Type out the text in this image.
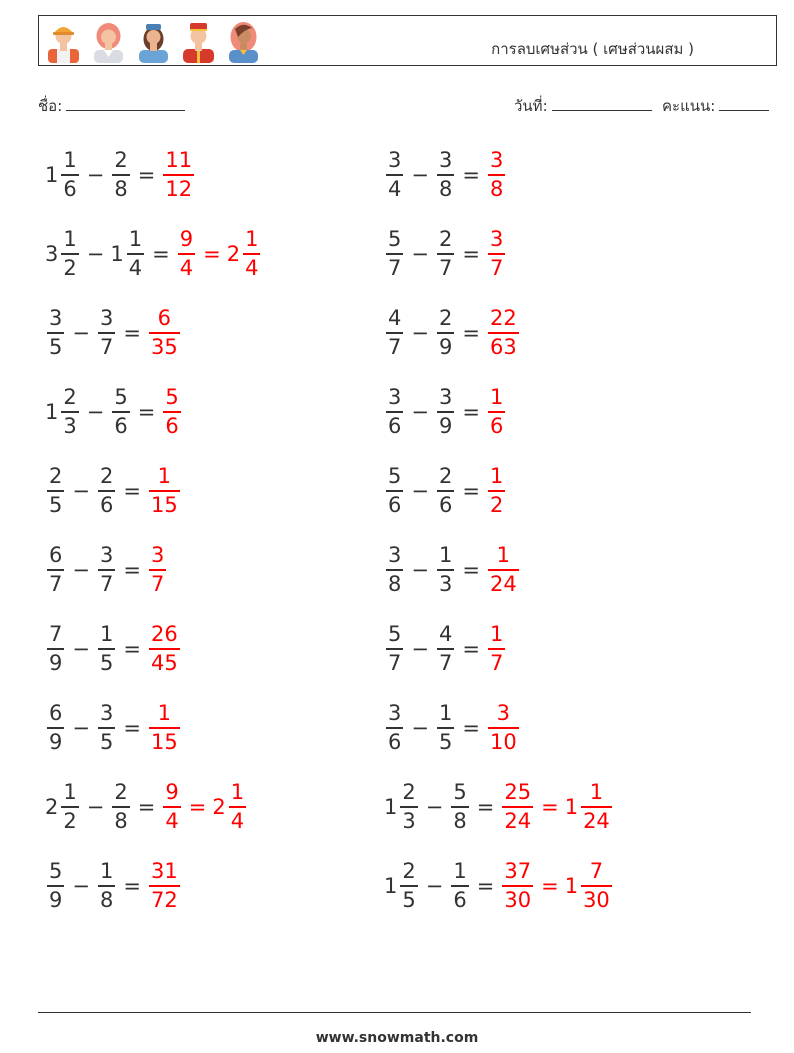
การลบเศษส่วน ( เศษส่วนผสม )
ชื่อ:	วันที่:	คะแนน:
$1 \frac{1}{6} - \frac{2}{8} = \frac{11}{12}$
$3 \frac{1}{2} - 1 \frac{1}{4} = \frac{9}{4} = 2 \frac{1}{4}$
$\frac{3}{5} - \frac{3}{7} = \frac{6}{35}$
$1 \frac{2}{3} - \frac{5}{6} = \frac{5}{6}$
$\frac{2}{5} - \frac{2}{6} = \frac{1}{15}$
$\frac{6}{7} - \frac{3}{7} = \frac{3}{7}$
$\frac{7}{9} - \frac{1}{5} = \frac{26}{45}$
$\frac{6}{9} - \frac{3}{5} = \frac{1}{15}$
$2 \frac{1}{2} - \frac{2}{8} = \frac{9}{4} = 2 \frac{1}{4}$
$\frac{5}{9} - \frac{1}{8} = \frac{31}{72}$
$\frac{3}{4} - \frac{3}{8} = \frac{3}{8}$
$\frac{5}{7} - \frac{2}{7} = \frac{3}{7}$
$\frac{4}{7} - \frac{2}{9} = \frac{22}{63}$
$\frac{3}{6} - \frac{3}{9} = \frac{1}{6}$
$\frac{5}{6} - \frac{2}{6} = \frac{1}{2}$
$\frac{3}{8} - \frac{1}{3} = \frac{1}{24}$
$\frac{5}{7} - \frac{4}{7} = \frac{1}{7}$
$\frac{3}{6} - \frac{1}{5} = \frac{3}{10}$
$1 \frac{2}{3} - \frac{5}{8} = \frac{25}{24} = 1 \frac{1}{24}$
$1 \frac{2}{5} - \frac{1}{6} = \frac{37}{30} = 1 \frac{7}{30}$
www.snowmath.com
